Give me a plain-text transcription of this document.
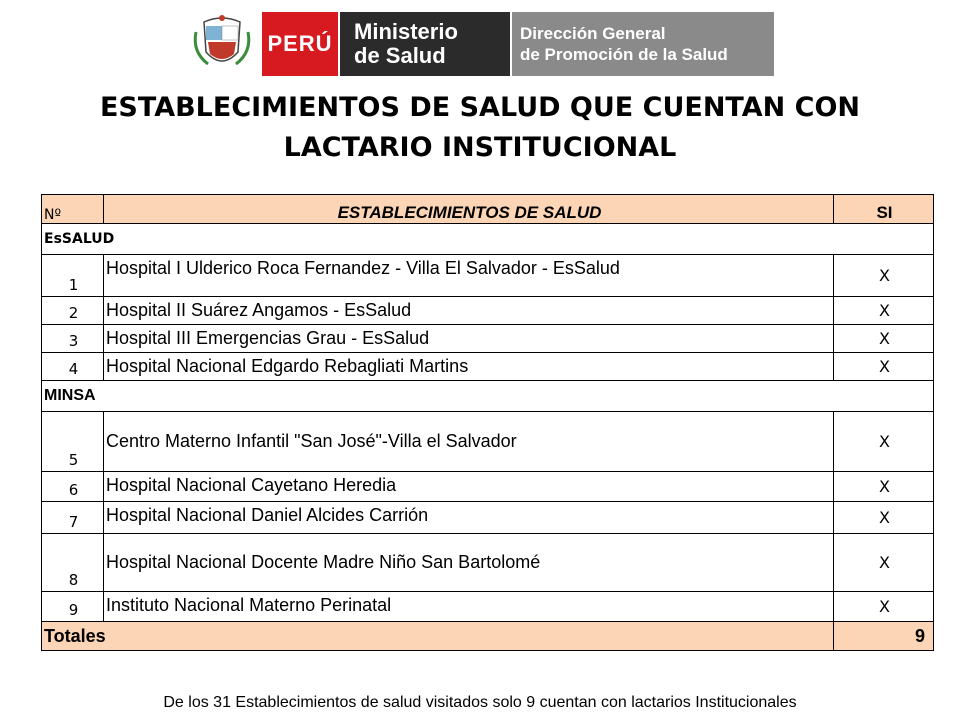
PERÚ Ministerio
de Salud
Dirección General
de Promoción de la Salud
ESTABLECIMIENTOS DE SALUD QUE CUENTAN CON
LACTARIO INSTITUCIONAL
Nº	ESTABLECIMIENTOS DE SALUD	SI
EsSALUD		
1	Hospital I Ulderico Roca Fernandez - Villa El Salvador - EsSalud	X
2	Hospital II Suárez Angamos - EsSalud	X
3	Hospital III Emergencias Grau - EsSalud	X
4	Hospital Nacional Edgardo Rebagliati Martins	X
MINSA		
5	Centro Materno Infantil "San José"-Villa el Salvador	X
6	Hospital Nacional Cayetano Heredia	X
7	Hospital Nacional Daniel Alcides Carrión	X
8	Hospital Nacional Docente Madre Niño San Bartolomé	X
9	Instituto Nacional Materno Perinatal	X
Totales		9
De los 31 Establecimientos de salud visitados solo 9 cuentan con lactarios Institucionales
